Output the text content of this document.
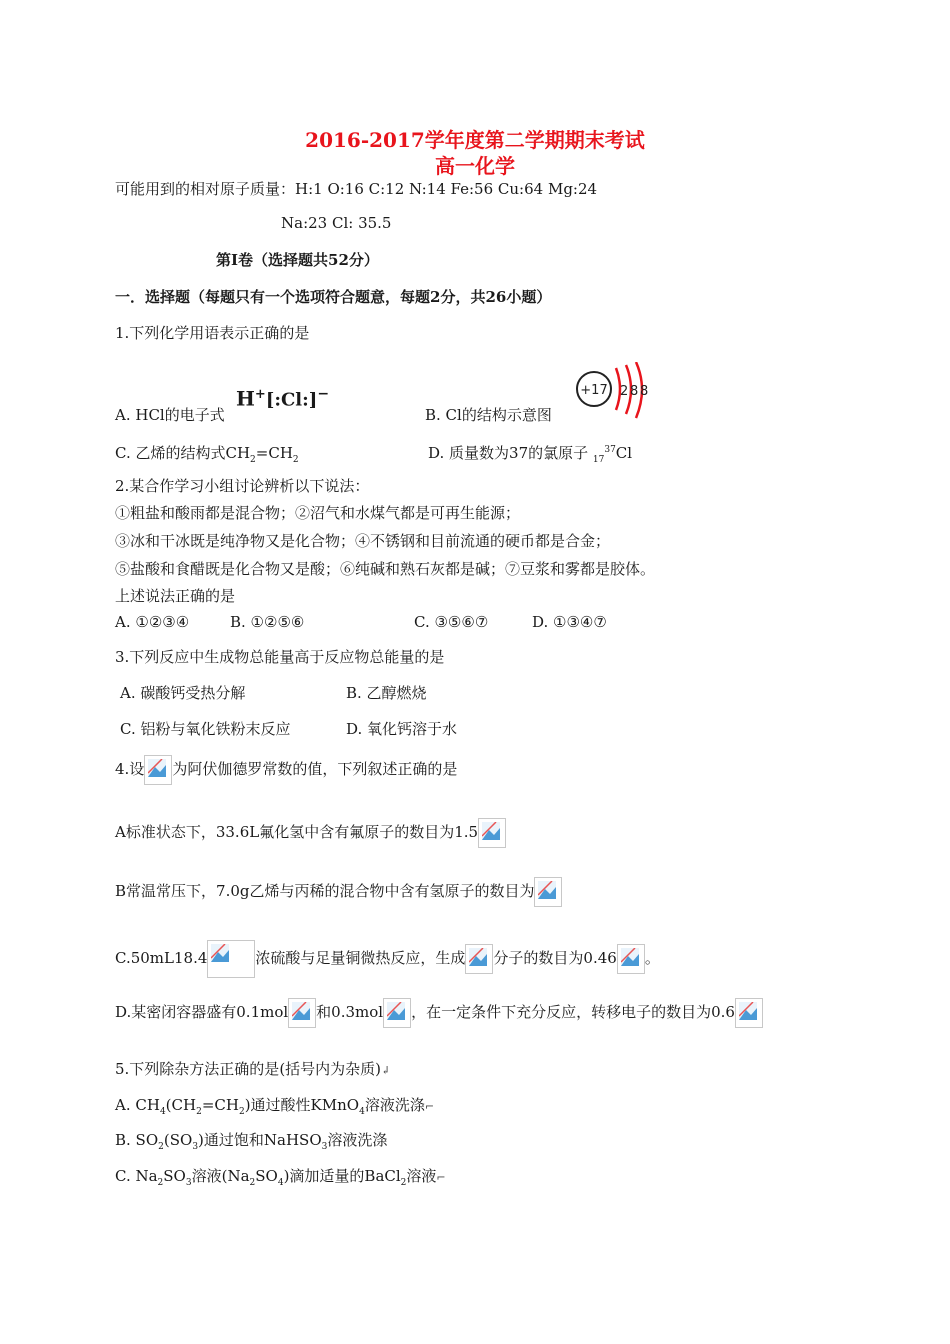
2016-2017学年度第二学期期末考试
高一化学
可能用到的相对原子质量：H:1 O:16 C:12 N:14 Fe:56 Cu:64 Mg:24
Na:23 Cl: 35.5
第Ⅰ卷（选择题共52分）
一．选择题（每题只有一个选项符合题意，每题2分，共26小题）
1.下列化学用语表示正确的是
A. HCl的电子式
H+[:Cl:]−
B. Cl的结构示意图
+17 2 8 8
C. 乙烯的结构式$CH_2=CH_2$	D. 质量数为37的氯原子 $_{17}^{37}$Cl
2.某合作学习小组讨论辨析以下说法：
①粗盐和酸雨都是混合物；②沼气和水煤气都是可再生能源；
③冰和干冰既是纯净物又是化合物；④不锈钢和目前流通的硬币都是合金；
⑤盐酸和食醋既是化合物又是酸；⑥纯碱和熟石灰都是碱；⑦豆浆和雾都是胶体。
上述说法正确的是
A. ①②③④	B. ①②⑤⑥	C. ③⑤⑥⑦	D. ①③④⑦
3.下列反应中生成物总能量高于反应物总能量的是
A. 碳酸钙受热分解	B. 乙醇燃烧
C. 铝粉与氧化铁粉末反应	D. 氧化钙溶于水
4.设 为阿伏伽德罗常数的值，下列叙述正确的是
A标准状态下，33.6L氟化氢中含有氟原子的数目为1.5
B常温常压下，7.0g乙烯与丙稀的混合物中含有氢原子的数目为
C.50mL18.4	浓硫酸与足量铜微热反应，生成 分子的数目为0.46 。
D.某密闭容器盛有0.1mol 和0.3mol ，在一定条件下充分反应，转移电子的数目为0.6
5.下列除杂方法正确的是(括号内为杂质)↲
A. $CH_4(CH_2=CH_2)$通过酸性KMnO$_4$溶液洗涤⌐
B. $SO_2(SO_3)$通过饱和NaHSO$_3$溶液洗涤
C. $Na_2SO_3$溶液$(Na_2SO_4)$滴加适量的BaCl$_2$溶液⌐
